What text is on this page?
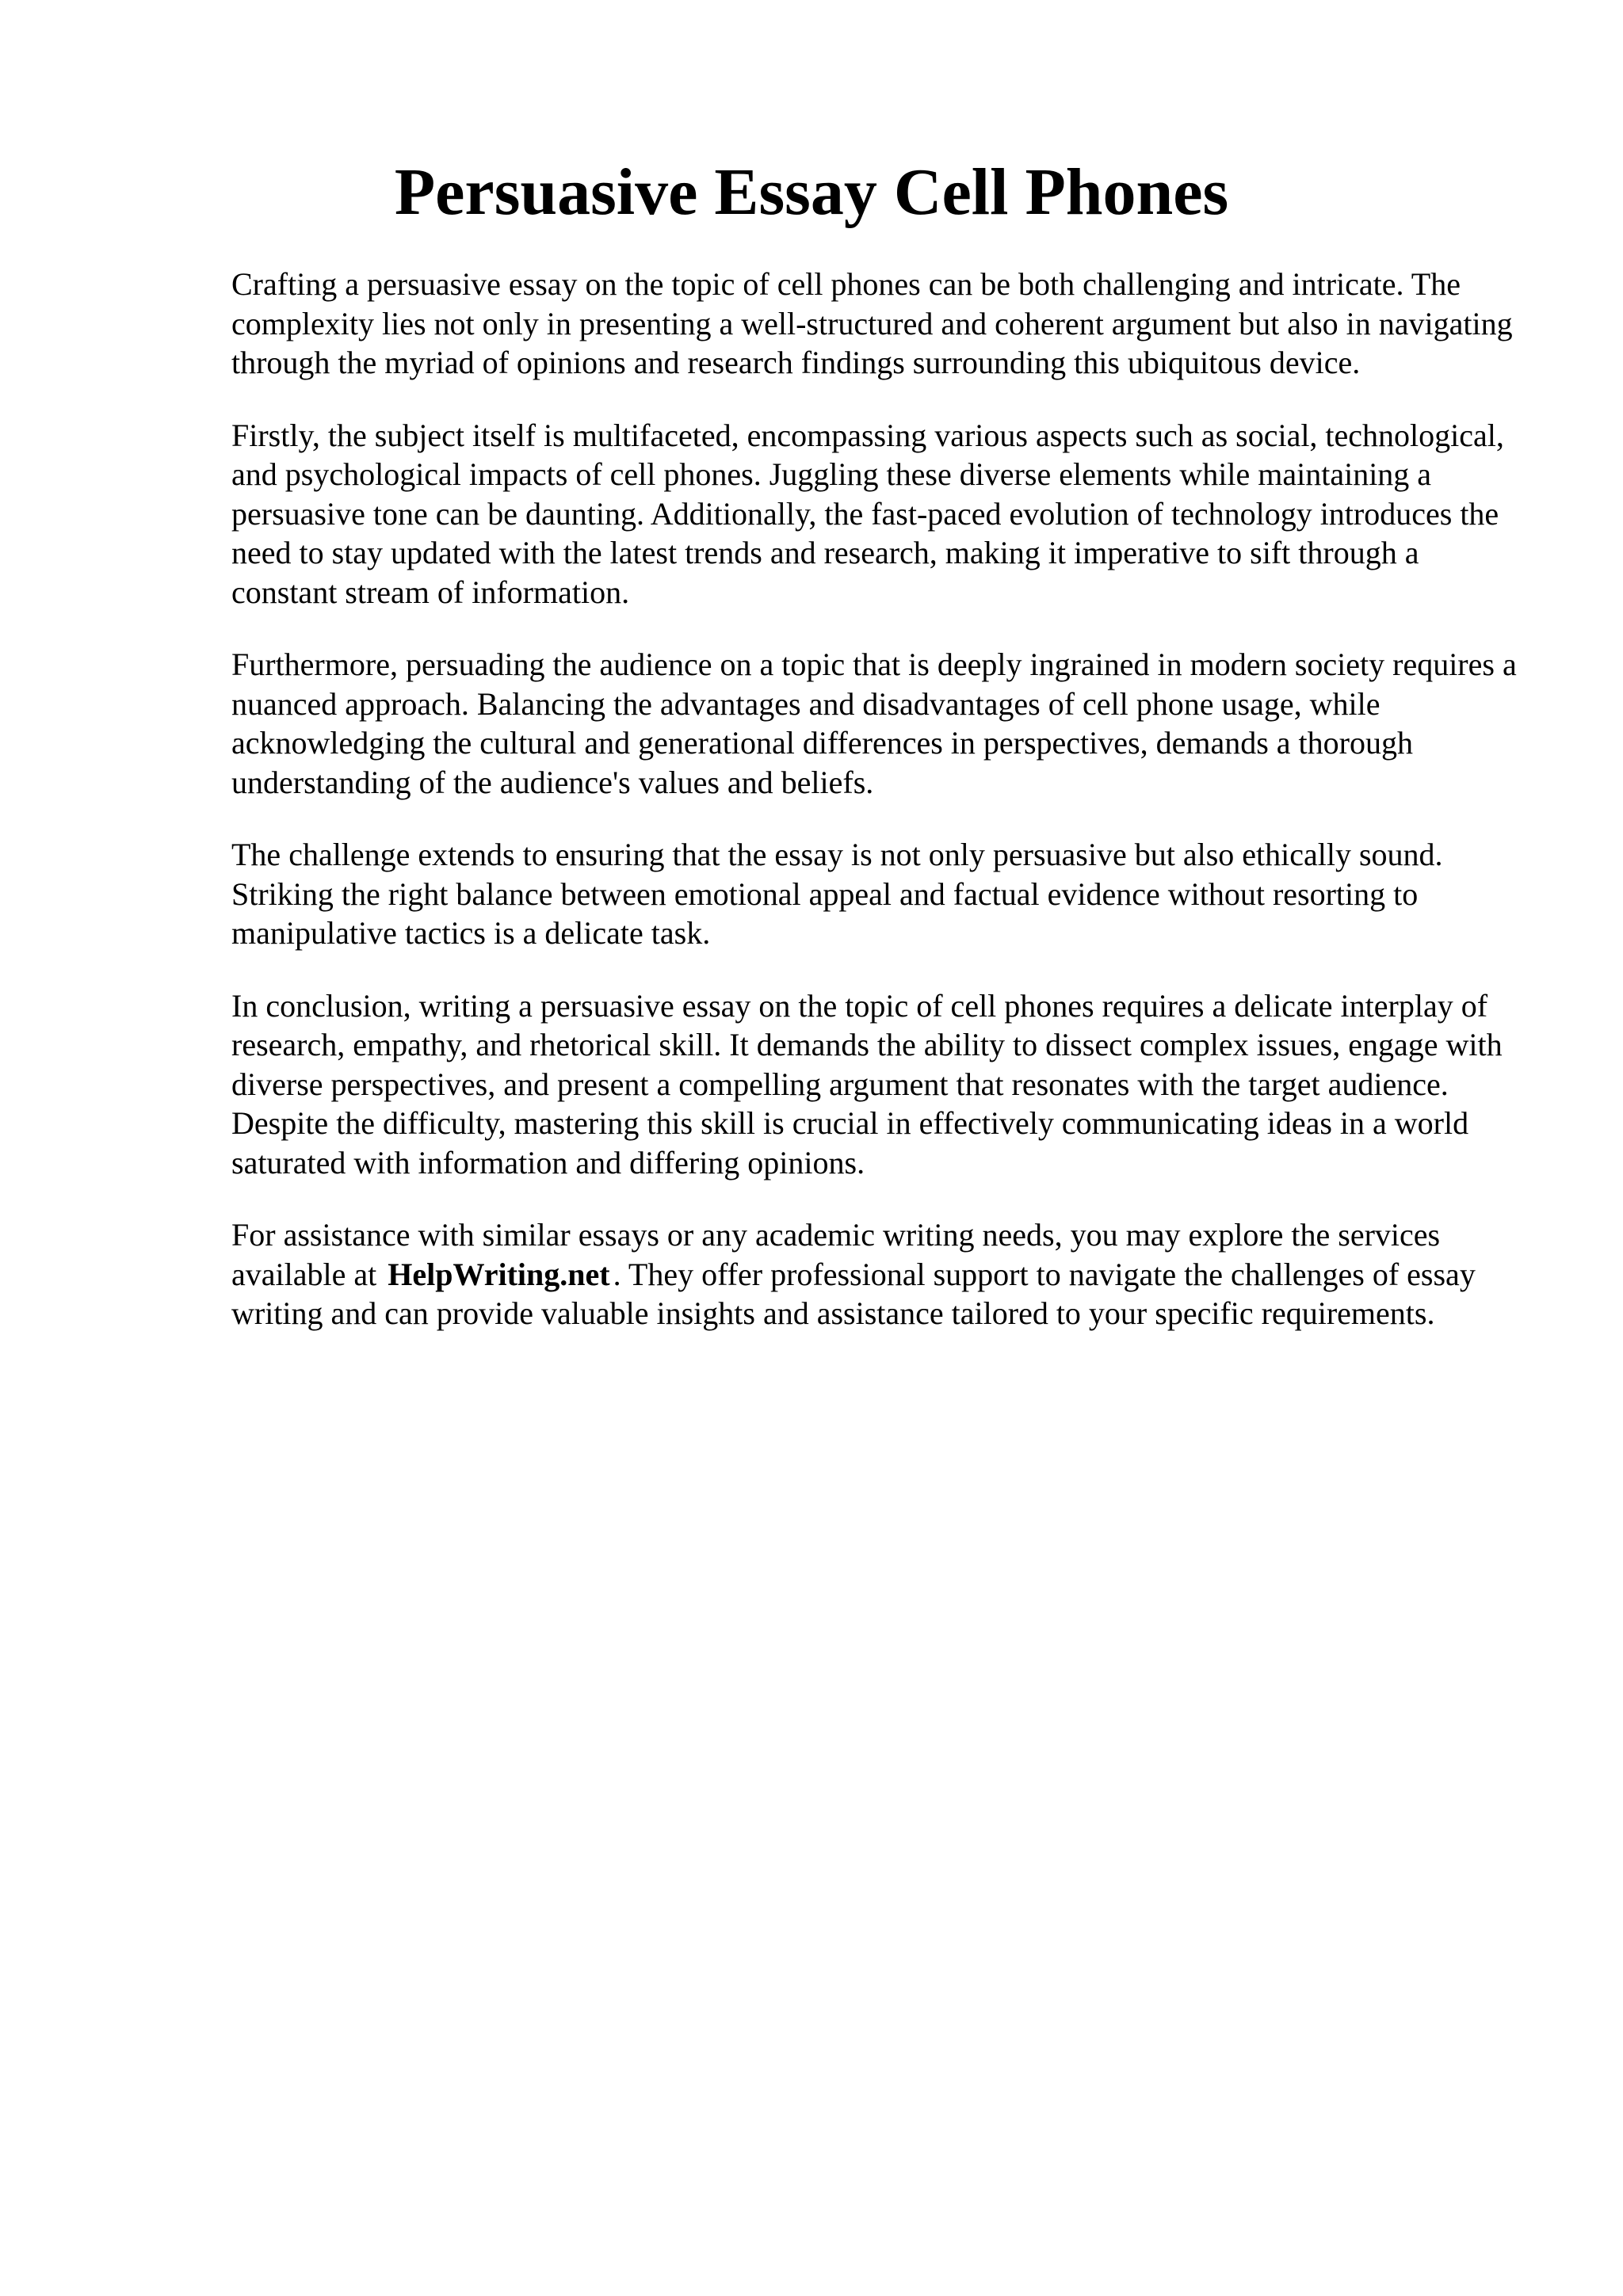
Persuasive Essay Cell Phones

Crafting a persuasive essay on the topic of cell phones can be both challenging and intricate. The complexity lies not only in presenting a well-structured and coherent argument but also in navigating through the myriad of opinions and research findings surrounding this ubiquitous device.

Firstly, the subject itself is multifaceted, encompassing various aspects such as social, technological, and psychological impacts of cell phones. Juggling these diverse elements while maintaining a persuasive tone can be daunting. Additionally, the fast-paced evolution of technology introduces the need to stay updated with the latest trends and research, making it imperative to sift through a constant stream of information.

Furthermore, persuading the audience on a topic that is deeply ingrained in modern society requires a nuanced approach. Balancing the advantages and disadvantages of cell phone usage, while acknowledging the cultural and generational differences in perspectives, demands a thorough understanding of the audience's values and beliefs.

The challenge extends to ensuring that the essay is not only persuasive but also ethically sound. Striking the right balance between emotional appeal and factual evidence without resorting to manipulative tactics is a delicate task.

In conclusion, writing a persuasive essay on the topic of cell phones requires a delicate interplay of research, empathy, and rhetorical skill. It demands the ability to dissect complex issues, engage with diverse perspectives, and present a compelling argument that resonates with the target audience. Despite the difficulty, mastering this skill is crucial in effectively communicating ideas in a world saturated with information and differing opinions.

For assistance with similar essays or any academic writing needs, you may explore the services available at HelpWriting.net . They offer professional support to navigate the challenges of essay writing and can provide valuable insights and assistance tailored to your specific requirements.
